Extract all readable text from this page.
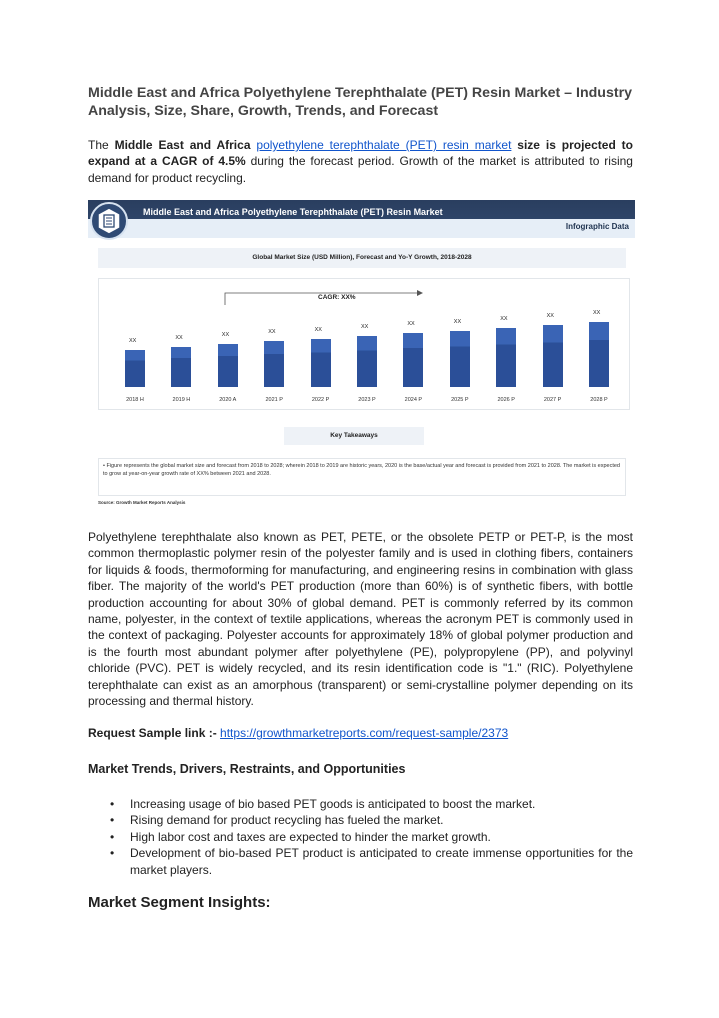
Middle East and Africa Polyethylene Terephthalate (PET) Resin Market – Industry Analysis, Size, Share, Growth, Trends, and Forecast
The Middle East and Africa polyethylene terephthalate (PET) resin market size is projected to expand at a CAGR of 4.5% during the forecast period. Growth of the market is attributed to rising demand for product recycling.
Middle East and Africa Polyethylene Terephthalate (PET) Resin Market
Infographic Data
Global Market Size (USD Million), Forecast and Yo-Y Growth, 2018-2028
XX
2018 H
XX
2019 H
XX
2020 A
XX
2021 P
XX
2022 P
XX
2023 P
XX
2024 P
XX
2025 P
XX
2026 P
XX
2027 P
XX
2028 P
CAGR: XX%
Key Takeaways
• Figure represents the global market size and forecast from 2018 to 2028; wherein 2018 to 2019 are historic years, 2020 is the base/actual year and forecast is provided from 2021 to 2028. The market is expected to grow at year-on-year growth rate of XX% between 2021 and 2028.
Source: Growth Market Reports Analysis
Polyethylene terephthalate also known as PET, PETE, or the obsolete PETP or PET-P, is the most common thermoplastic polymer resin of the polyester family and is used in clothing fibers, containers for liquids & foods, thermoforming for manufacturing, and engineering resins in combination with glass fiber. The majority of the world's PET production (more than 60%) is of synthetic fibers, with bottle production accounting for about 30% of global demand. PET is commonly referred by its common name, polyester, in the context of textile applications, whereas the acronym PET is commonly used in the context of packaging. Polyester accounts for approximately 18% of global polymer production and is the fourth most abundant polymer after polyethylene (PE), polypropylene (PP), and polyvinyl chloride (PVC). PET is widely recycled, and its resin identification code is "1." (RIC). Polyethylene terephthalate can exist as an amorphous (transparent) or semi-crystalline polymer depending on its processing and thermal history.
Request Sample link :- https://growthmarketreports.com/request-sample/2373
Market Trends, Drivers, Restraints, and Opportunities
• Increasing usage of bio based PET goods is anticipated to boost the market.
• Rising demand for product recycling has fueled the market.
• High labor cost and taxes are expected to hinder the market growth.
• Development of bio-based PET product is anticipated to create immense opportunities for the market players.
Market Segment Insights:
